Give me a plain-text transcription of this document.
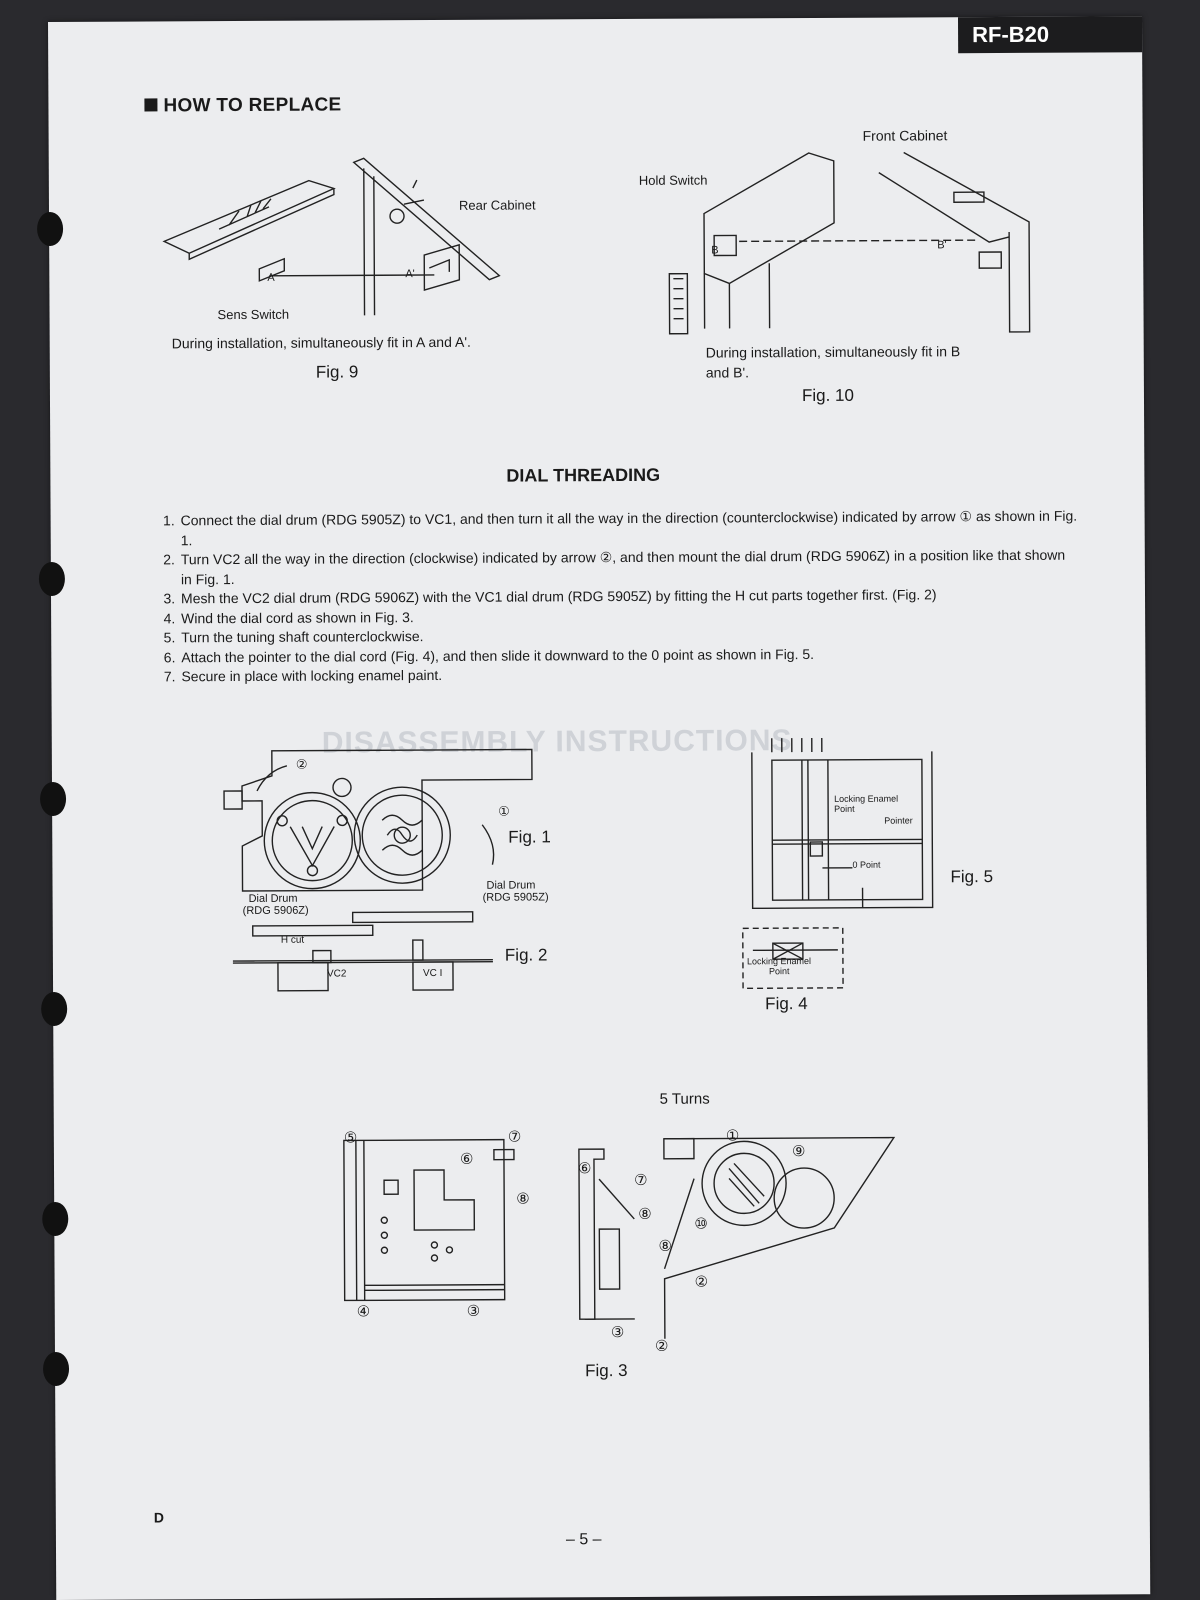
RF-B20
DISASSEMBLY INSTRUCTIONS
HOW TO REPLACE
Rear Cabinet
A	A'
Sens Switch
During installation, simultaneously fit in A and A'.
Fig. 9
Front Cabinet
Hold Switch
B	B'
During installation, simultaneously fit in B
and B'.
Fig. 10
DIAL THREADING
1. Connect the dial drum (RDG 5905Z) to VC1, and then turn it all the way in the direction (counterclockwise) indicated by arrow ① as shown in Fig. 1.
2. Turn VC2 all the way in the direction (clockwise) indicated by arrow ②, and then mount the dial drum (RDG 5906Z) in a position like that shown in Fig. 1.
3. Mesh the VC2 dial drum (RDG 5906Z) with the VC1 dial drum (RDG 5905Z) by fitting the H cut parts together first. (Fig. 2)
4. Wind the dial cord as shown in Fig. 3.
5. Turn the tuning shaft counterclockwise.
6. Attach the pointer to the dial cord (Fig. 4), and then slide it downward to the 0 point as shown in Fig. 5.
7. Secure in place with locking enamel paint.
②
①
Fig. 1
Dial Drum
(RDG 5906Z)
Dial Drum
(RDG 5905Z)
H cut
VC2	VC I
Fig. 2
Locking Enamel
Point
Pointer
0 Point
Fig. 5
Locking Enamel
Point
Fig. 4
5 Turns
⑤
⑥
⑦
⑧
④	③
⑥
⑦
⑧
③
②
①
⑨
⑩
⑧
②
Fig. 3
D
– 5 –
